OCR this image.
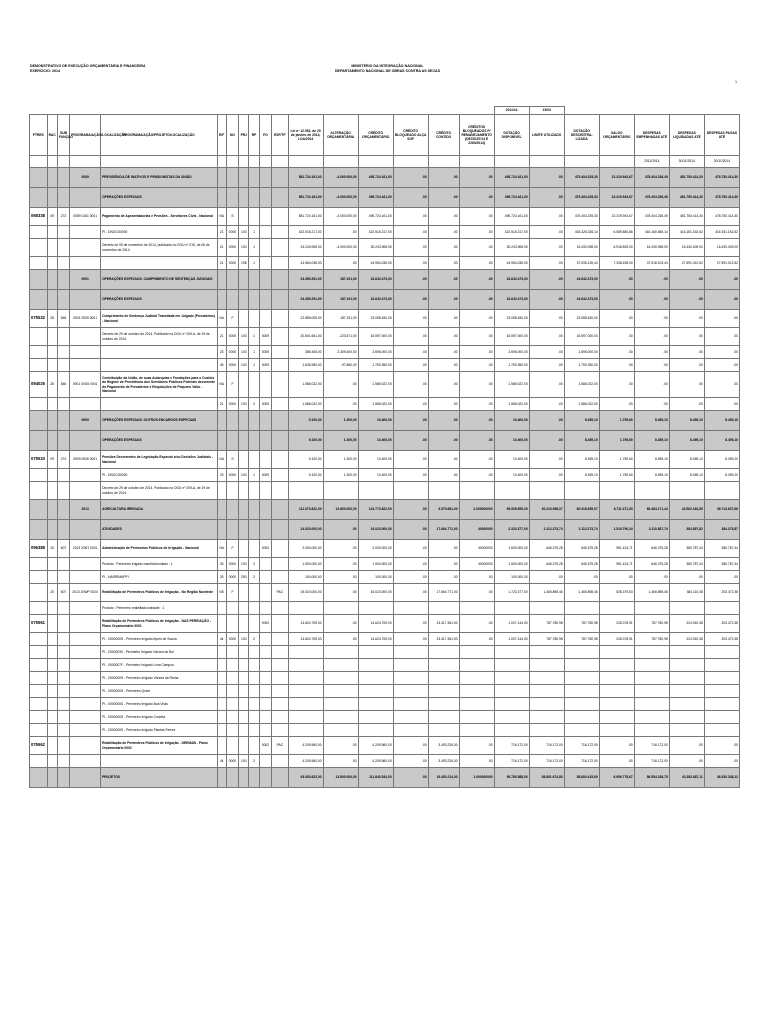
DEMONSTRATIVO DE EXECUÇÃO ORÇAMENTÁRIA E FINANCEIRA
EXERCÍCIO: 2014
MINISTÉRIO DA INTEGRAÇÃO NACIONAL
DEPARTAMENTO NACIONAL DE OBRAS CONTRA AS SECAS
1
																	2011/14	13/03					
PTRES	RAC	SUB FUNÇÃO	PROGRAMA/AÇÃO/LOCALIZAÇÃO	PROGRAMA/AÇÃO/PROJETO/LOCALIZAÇÃO	E/F	NO	PRJ	RP	FO	ESF/TP	Lei nº 12.952, de 20 de janeiro de 2014, LOA/2014	ALTERAÇÃO ORÇAMENTÁRIA	CRÉDITO ORÇAMENTÁRIO	CRÉDITO BLOQUEADO ALÇA SOF	CRÉDITO CONTIDO	CRÉDITOS BLOQUEADOS P/ REMANEJAMENTO (DEC8197/14 E 2263/2014)	DOTAÇÃO DISPONÍVEL	LIMITE UTILIZADO	DOTAÇÃO DESCENTRA-LIZADA	SALDO ORÇAMENTÁRIO	DESPESAS EMPENHADAS ATÉ	DESPESAS LIQUIDADAS ATÉ	DESPESAS PAGAS ATÉ
																					2011/2014	30/11/2014	30/11/2014
			0089	PREVIDÊNCIA DE INATIVOS E PENSIONISTAS DA UNIÃO							581.724.161,00	-4.000.000,00	495.724.161,00	.00	.00	.00	495.724.161,00	.00	475.404.235,33	22.319.943,67	478.404.236,49	481.750.414,30	478.750.414,30
				OPERAÇÕES ESPECIAIS							581.724.161,00	-4.000.000,00	495.724.161,00	.00	.00	.00	495.724.161,00	.00	475.404.235,33	22.319.943,67	478.404.236,49	481.750.414,30	478.750.414,30
068338	09	272	0089 0181 0001	Pagamento de Aposentadorias e Pensões - Servidores Civis - Nacional	NA	S					581.724.161,00	-4.000.000,00	495.724.161,00	.00	.00	.00	495.724.161,00	.00	475.404.235,33	22.319.943,67	478.404.236,49	481.750.414,30	478.750.414,30
				PI - DNOCS0000	21	0000	100	1			422.516.217,00	.00	422.516.217,00	.00	.00	.00	422.516.217,00	.00	416.426.336,14	6.089.880,86	416.160.655,14	416.151.162,62	416.151.162,62
				Decreto de 05 de novembro de 2014, publicado no DOU nº 215, de 06 de novembro de 2014.	21	0000	100	1			34.243.908,00	-4.000.000,00	30.243.908,00	.00	.00	.00	30.243.908,00	.00	16.430.098,00	6.918.825,00	16.430.098,00	16.430.409,00	16.430.409,00
					21	0000	196	1			44.964.036,00	.00	44.964.036,00	.00	.00	.00	44.964.036,00	.00	37.535.126,44	7.338.498,00	37.518.103,44	27.591.012,52	27.591.012,52
			0901	OPERAÇÕES ESPECIAIS: CUMPRIMENTO DE SENTENÇAS JUDICIAIS							24.455.291,00	187.191,00	24.642.473,00	.00	.00	.00	24.642.473,00	.00	24.642.473,00	.00	.00	.00	.00
				OPERAÇÕES ESPECIAIS							24.455.291,00	187.191,00	24.642.473,00	.00	.00	.00	24.642.473,00	.00	24.642.473,00	.00	.00	.00	.00
075532	28	846	0901 0005 0001	Cumprimento de Sentença Judicial Transitada em Julgado (Precatórios) - Nacional	NA	F					22.889.009,00	187.191,00	23.058.450,00	.00	.00	.00	23.058.450,00	.00	23.058.450,00	.00	.00	.00	.00
				Decreto de 29 de outubro de 2014. Publicado no DOU nº 209-A, de 29 de outubro de 2014.	21	0000	100	1	3009		20.801.661,00	-223.671,00	16.597.000,00	.00	.00	.00	16.597.000,00	.00	16.597.000,00	.00	.00	.00	.00
					23	0000	100	1	3009		386.405,00	2.309.400,00	2.695.000,00	.00	.00	.00	2.695.000,00	.00	2.695.000,00	.00	.00	.00	.00
					45	0000	100	1	3009		1.836.960,00	-97.860,00	1.790.350,00	.00	.00	.00	1.790.350,00	.00	1.790.350,00	.00	.00	.00	.00
094025	28	846	0901 00G5 0001	Contribuição da União, de suas Autarquias e Fundações para o Custeio do Regime de Previdência dos Servidores Públicos Federais decorrente do Pagamento de Precatórios e Requisições de Pequeno Valor - Nacional	NA	F					1.586.022,00	.00	1.586.022,00	.00	.00	.00	1.586.022,00	.00	1.586.022,00	.00	.00	.00	.00
					21	0000	100	0	3009		1.586.022,00	.00	1.586.022,00	.00	.00	.00	1.586.022,00	.00	1.586.022,00	.00	.00	.00	.00
			0909	OPERAÇÕES ESPECIAIS: OUTROS ENCARGOS ESPECIAIS							9.100,00	1.300,00	10.400,00	.00	.00	.00	10.400,00	.00	8.459,10	1.759,60	8.459,10	8.459,10	8.459,10
				OPERAÇÕES ESPECIAIS							9.100,00	1.300,00	10.400,00	.00	.00	.00	10.400,00	.00	8.459,10	1.759,60	8.459,10	8.459,10	8.459,10
075533	09	274	0909 0536 0001	Pensões Decorrentes de Legislação Especial e/ou Decisões Judiciais - Nacional	NA	S					9.100,00	1.300,00	10.400,00	.00	.00	.00	10.400,00	.00	8.459,10	1.759,60	8.459,10	8.459,10	8.459,10
				PI - DNOCS0000	23	0000	100	1	3009		9.100,00	1.300,00	10.400,00	.00	.00	.00	10.400,00	.00	8.459,10	1.759,60	8.459,10	8.459,10	8.459,10
				Decreto de 29 de outubro de 2014. Publicado no DOU nº 209-A, de 29 de outubro de 2014.																			
			2013	AGRICULTURA IRRIGADA							111.073.822,00	13.800.000,00	124.773.822,00	.00	3.579.681,00	2.000000000	95.508.555,00	30.216.968,07	60.318.059,07	6.711.371,53	60.484.171,44	43.562.164,55	36.714.637,66
				ATIVIDADES							24.023.000,00	.00	24.023.000,00	.00	17.664.771,00	40000000	2.323.377,00	2.112.273,74	2.112.273,74	1.519.790,34	3.110.837,74	384.897,82	384.275,87
056388	20	607	2013 20NT 0001	Administração de Perímetros Públicos de Irrigação - Nacional	NA	F			0000		2.000.000,00	.00	2.000.000,00	.00	.00	40000000	1.600.000,00	646.375,28	646.375,28	951.424,71	646.375,28	380.787,44	380.787,44
				Produto : Perímetro irrigado mantido/unidade : 1	33	0000	100	2			1.900.000,00	.00	1.900.000,00	.00	.00	40000000	1.500.000,00	646.375,28	646.375,28	951.424,71	646.375,28	380.787,44	380.787,44
				PI - NAIRRMAPPI	33	0000	250	2			100.000,00	.00	100.000,00	.00	.00	.00	100.000,00	.00	.00	.00	.00	.00	.00
	20	607	2013 20WP 0020	Reabilitação de Perímetros Públicos de Irrigação - No Região Nordeste	NE	F				PAC	15.023.000,00	.00	15.023.000,00	.00	17.664.771,00	.00	1.723.377,00	1.465.898,46	1.465.898,46	528.379,63	1.465.898,46	384.110,38	203.472,38
				Produto : Perímetro reabilitado/unidade : 1																			
075561				Reabilitação de Perímetros Públicos de Irrigação - NAS PEREIAÇÃO - Plano Orçamentário 0001					0000		14.624.705,00	.00	14.624.705,00	.00	13.417.361,00	.00	1.007.144,00	787.780,98	787.780,98	228.378,91	787.780,98	224.910,38	203.472,38
				PI - 0000000S - Perímetro Irrigado Ayres de Souza	44	0000	100	2			14.624.705,00	.00	14.624.705,00	.00	13.417.361,00	.00	1.007.144,00	787.780,98	787.780,98	228.378,91	787.780,98	224.910,38	203.472,38
				PI - 00000030 - Perímetro Irrigado Várzea do Boi																			
				PI - 0000007F - Perímetro Irrigado Lima Campos																			
				PI - 0000000S - Perímetro Irrigado Várzea da Rema																			
				PI - 0000000S - Perímetro Quixé																			
				PI - 0000000S - Perímetro Irrigado Boa Vista																			
				PI - 0000000S - Perímetro Irrigado Cruzeta																			
				PI - 0000000S - Perímetro Irrigado Piautas Ferrea																			
075562				Reabilitação de Perímetros Públicos de Irrigação - DEEMAB - Plano Orçamentário 0002					0002	PAC	4.209.560,00	.00	4.209.560,00	.00	3.493.226,00	.00	716.172,00	716.172,00	716.172,00	.00	716.172,00	.00	.00
					44	0000	100	2			4.209.560,00	.00	4.209.560,00	.00	3.493.226,00	.00	716.172,00	716.172,00	716.172,00	.00	716.172,00	.00	.00
				PROJETOS							93.050.822,00	13.800.000,00	111.840.534,00	.00	19.453.214,00	1.000000000	95.785.588,00	58.891.674,80	58.800.415,60	6.906.778,67	86.554.238,75	43.383.887,11	36.530.338,12
